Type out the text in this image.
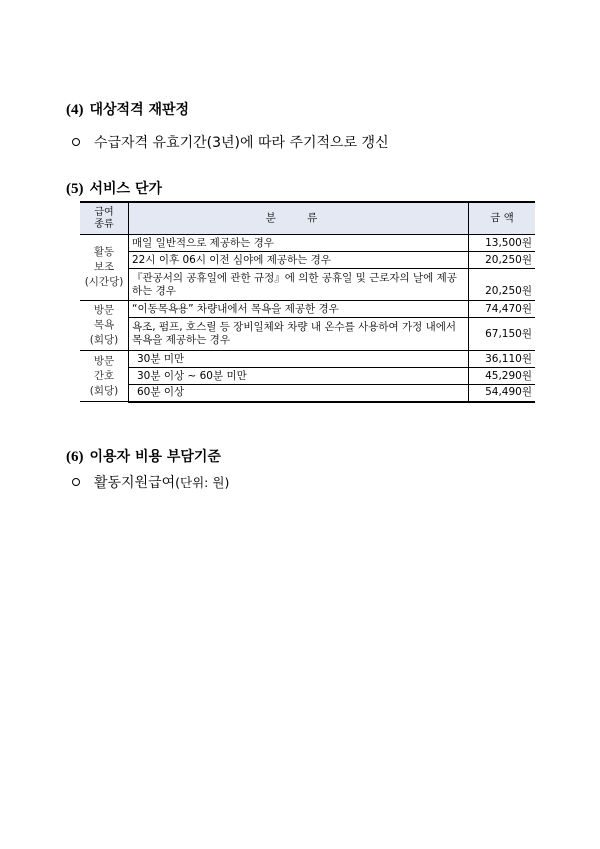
(4) 대상적격 재판정
수급자격 유효기간(3년)에 따라 주기적으로 갱신
(5) 서비스 단가
급여
종류	분 류	금 액
활동
보조
(시간당)	매일 일반적으로 제공하는 경우	13,500원
	22시 이후 06시 이전 심야에 제공하는 경우	20,250원
	『관공서의 공휴일에 관한 규정』에 의한 공휴일 및 근로자의 날에 제공하는 경우	20,250원
방문
목욕
(회당)	“이동목욕용” 차량내에서 목욕을 제공한 경우	74,470원
	욕조, 펌프, 호스릴 등 장비일체와 차량 내 온수를 사용하여 가정 내에서 목욕을 제공하는 경우	67,150원
방문
간호
(회당)	30분 미만	36,110원
	30분 이상 ~ 60분 미만	45,290원
	60분 이상	54,490원
(6) 이용자 비용 부담기준
활동지원급여 (단위: 원)
